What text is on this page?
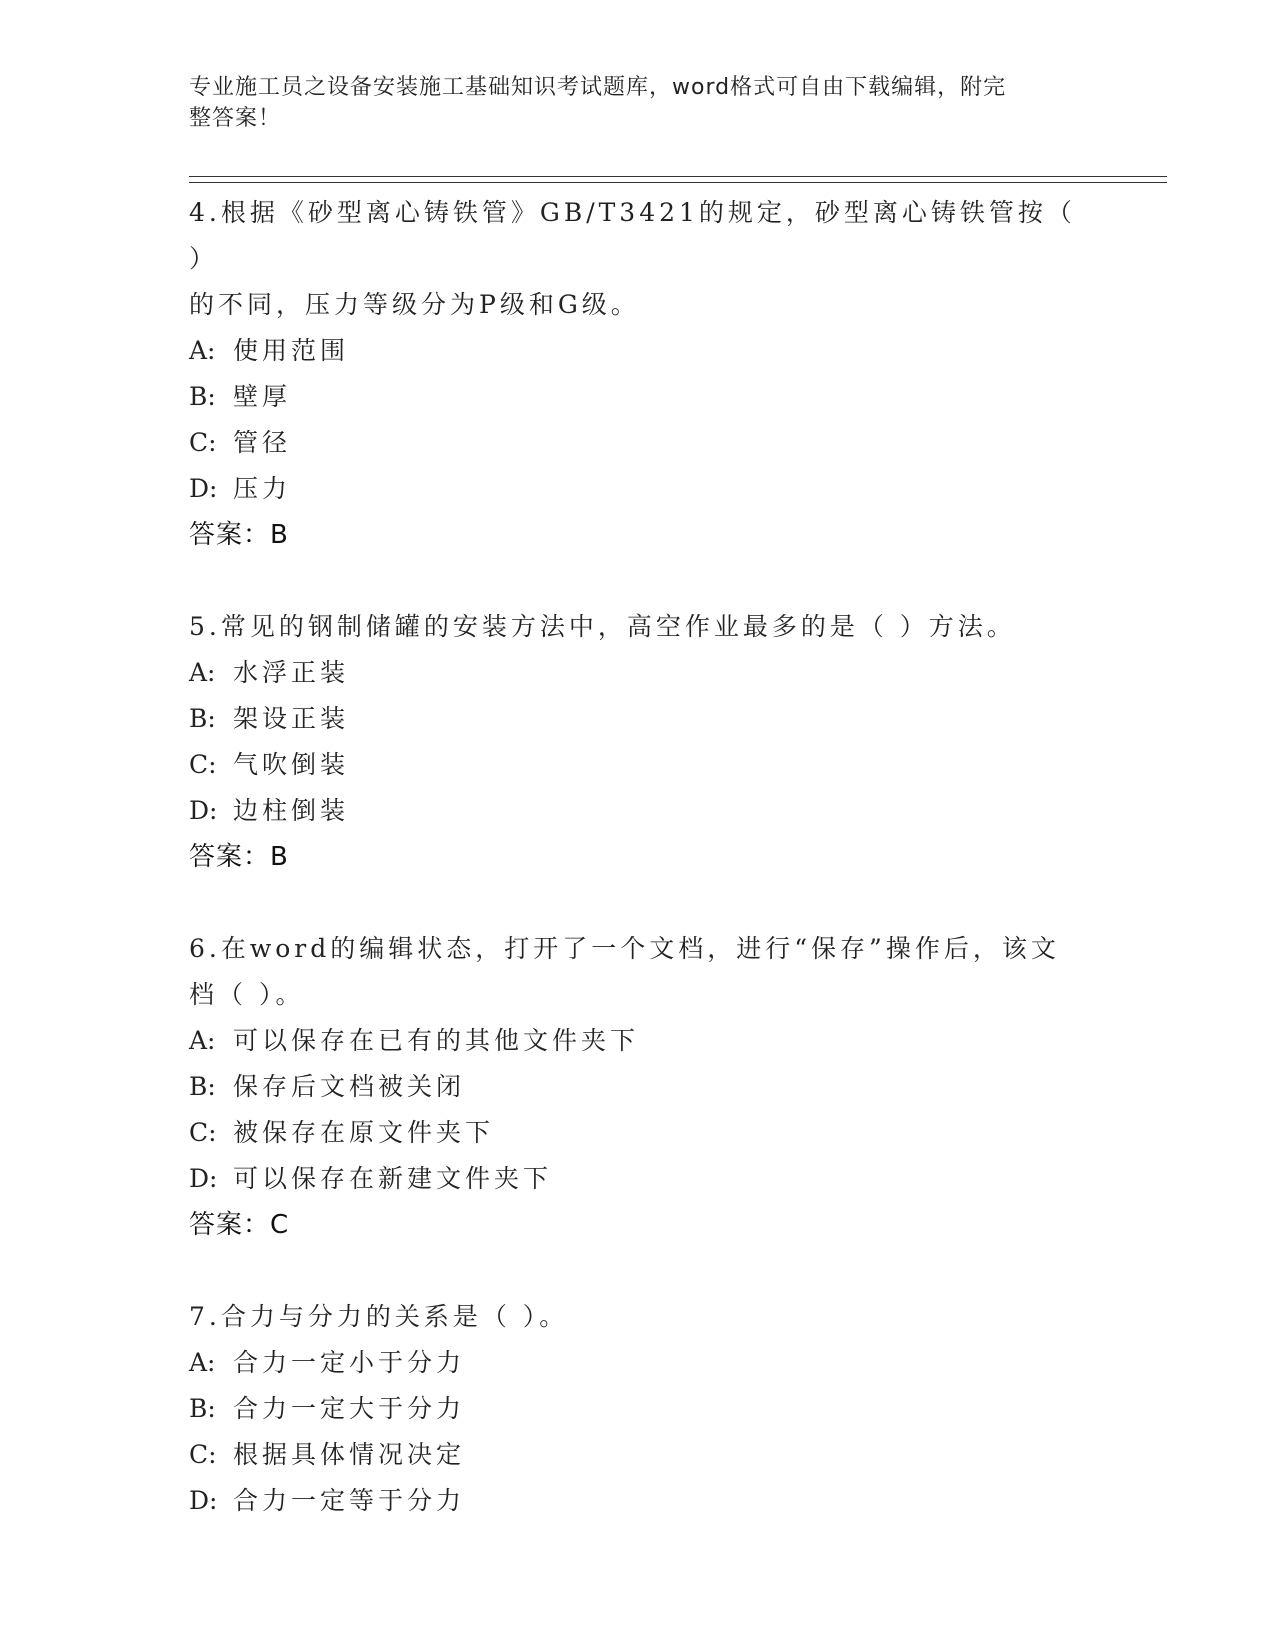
专业施工员之设备安装施工基础知识考试题库，word格式可自由下载编辑，附完
整答案！
4.根据《砂型离心铸铁管》GB/T3421的规定，砂型离心铸铁管按（ ）
的不同，压力等级分为P级和G级。
A: 使用范围
B: 壁厚
C: 管径
D: 压力
答案：B
5.常见的钢制储罐的安装方法中，高空作业最多的是（ ）方法。
A: 水浮正装
B: 架设正装
C: 气吹倒装
D: 边柱倒装
答案：B
6.在word的编辑状态，打开了一个文档，进行“保存”操作后，该文
档（ ）。
A: 可以保存在已有的其他文件夹下
B: 保存后文档被关闭
C: 被保存在原文件夹下
D: 可以保存在新建文件夹下
答案：C
7.合力与分力的关系是（ ）。
A: 合力一定小于分力
B: 合力一定大于分力
C: 根据具体情况决定
D: 合力一定等于分力
